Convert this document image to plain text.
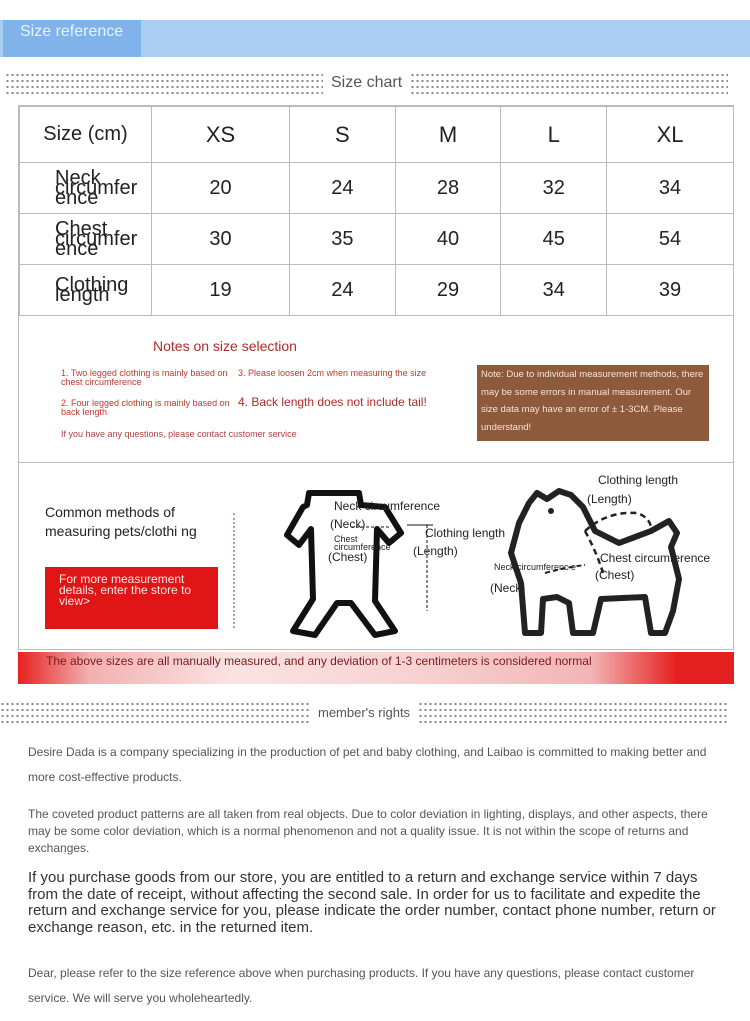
Size reference
Size chart
Size (cm)	XS	S	M	L	XL
Neck circumfer ence	20	24	28	32	34
Chest circumfer ence	30	35	40	45	54
Clothing length	19	24	29	34	39
Notes on size selection
1. Two legged clothing is mainly based on chest circumference
2. Four legged clothing is mainly based on back length
3. Please loosen 2cm when measuring the size
4. Back length does not include tail!
If you have any questions, please contact customer service
Note: Due to individual measurement methods, there may be some errors in manual measurement. Our size data may have an error of ± 1-3CM. Please understand!
Common methods of measuring pets/clothi ng
For more measurement details, enter the store to view>
Neck circumference
(Neck)
Chest circumference
(Chest)
Clothing length
(Length)
Clothing length
(Length)
Chest circumference
(Chest)
Neck circumferenc e
(Neck)
The above sizes are all manually measured, and any deviation of 1-3 centimeters is considered normal
member's rights

Desire Dada is a company specializing in the production of pet and baby clothing, and Laibao is committed to making better and more cost-effective products.

The coveted product patterns are all taken from real objects. Due to color deviation in lighting, displays, and other aspects, there may be some color deviation, which is a normal phenomenon and not a quality issue. It is not within the scope of returns and exchanges.

If you purchase goods from our store, you are entitled to a return and exchange service within 7 days from the date of receipt, without affecting the second sale. In order for us to facilitate and expedite the return and exchange service for you, please indicate the order number, contact phone number, return or exchange reason, etc. in the returned item.

Dear, please refer to the size reference above when purchasing products. If you have any questions, please contact customer service. We will serve you wholeheartedly.
